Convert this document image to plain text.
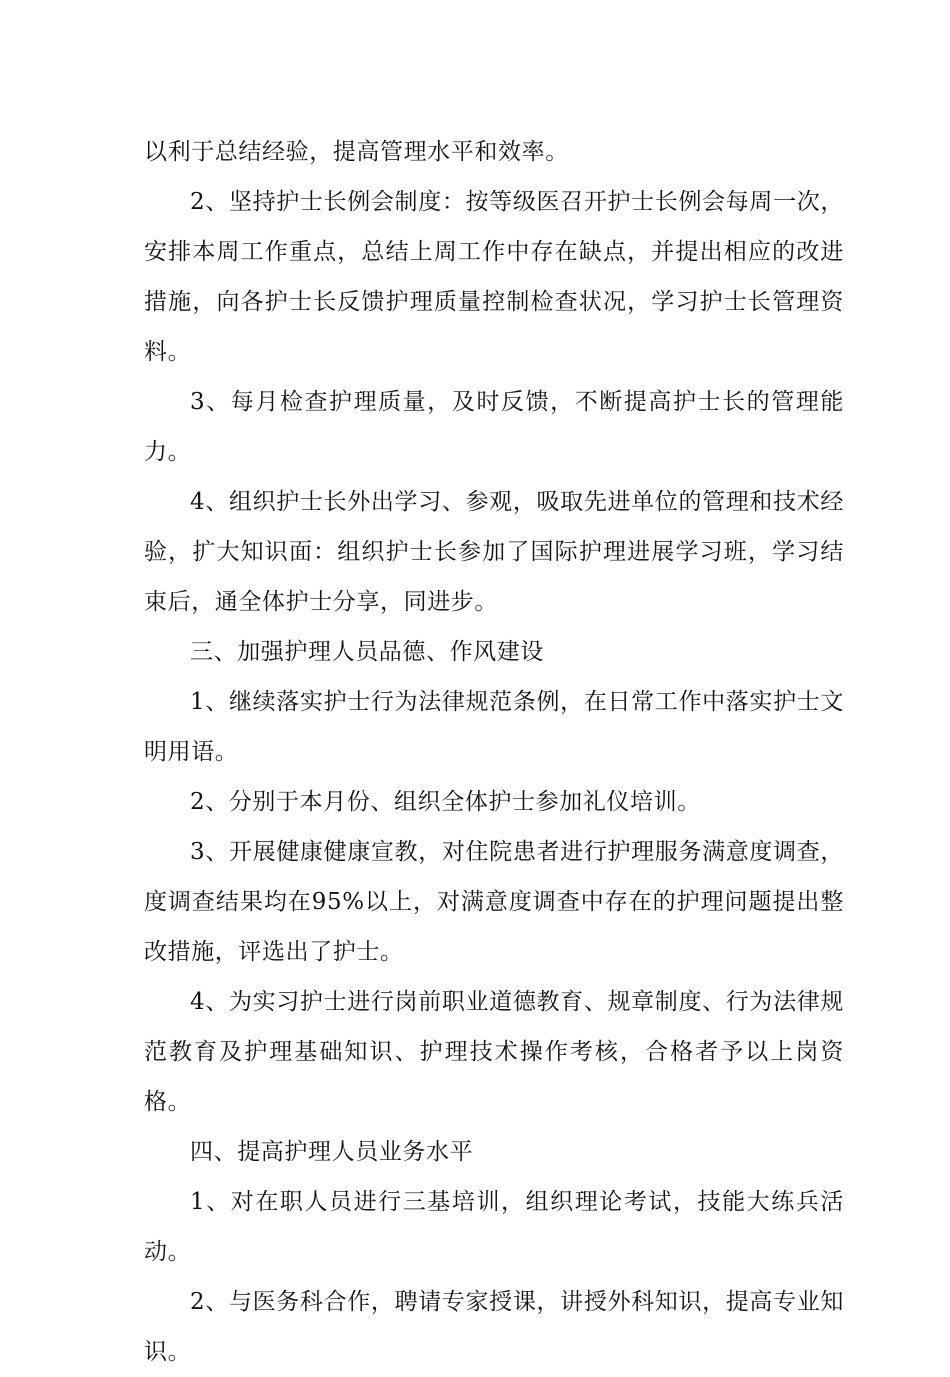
以利于总结经验，提高管理水平和效率。

2、坚持护士长例会制度：按等级医召开护士长例会每周一次，安排本周工作重点，总结上周工作中存在缺点，并提出相应的改进措施，向各护士长反馈护理质量控制检查状况，学习护士长管理资料。

3、每月检查护理质量，及时反馈，不断提高护士长的管理能力。

4、组织护士长外出学习、参观，吸取先进单位的管理和技术经验，扩大知识面：组织护士长参加了国际护理进展学习班，学习结束后，通全体护士分享，同进步。

三、加强护理人员品德、作风建设

1、继续落实护士行为法律规范条例，在日常工作中落实护士文明用语。

2、分别于本月份、组织全体护士参加礼仪培训。

3、开展健康健康宣教，对住院患者进行护理服务满意度调查，度调查结果均在95%以上，对满意度调查中存在的护理问题提出整改措施，评选出了护士。

4、为实习护士进行岗前职业道德教育、规章制度、行为法律规范教育及护理基础知识、护理技术操作考核，合格者予以上岗资格。

四、提高护理人员业务水平

1、对在职人员进行三基培训，组织理论考试，技能大练兵活动。

2、与医务科合作，聘请专家授课，讲授外科知识，提高专业知识。
